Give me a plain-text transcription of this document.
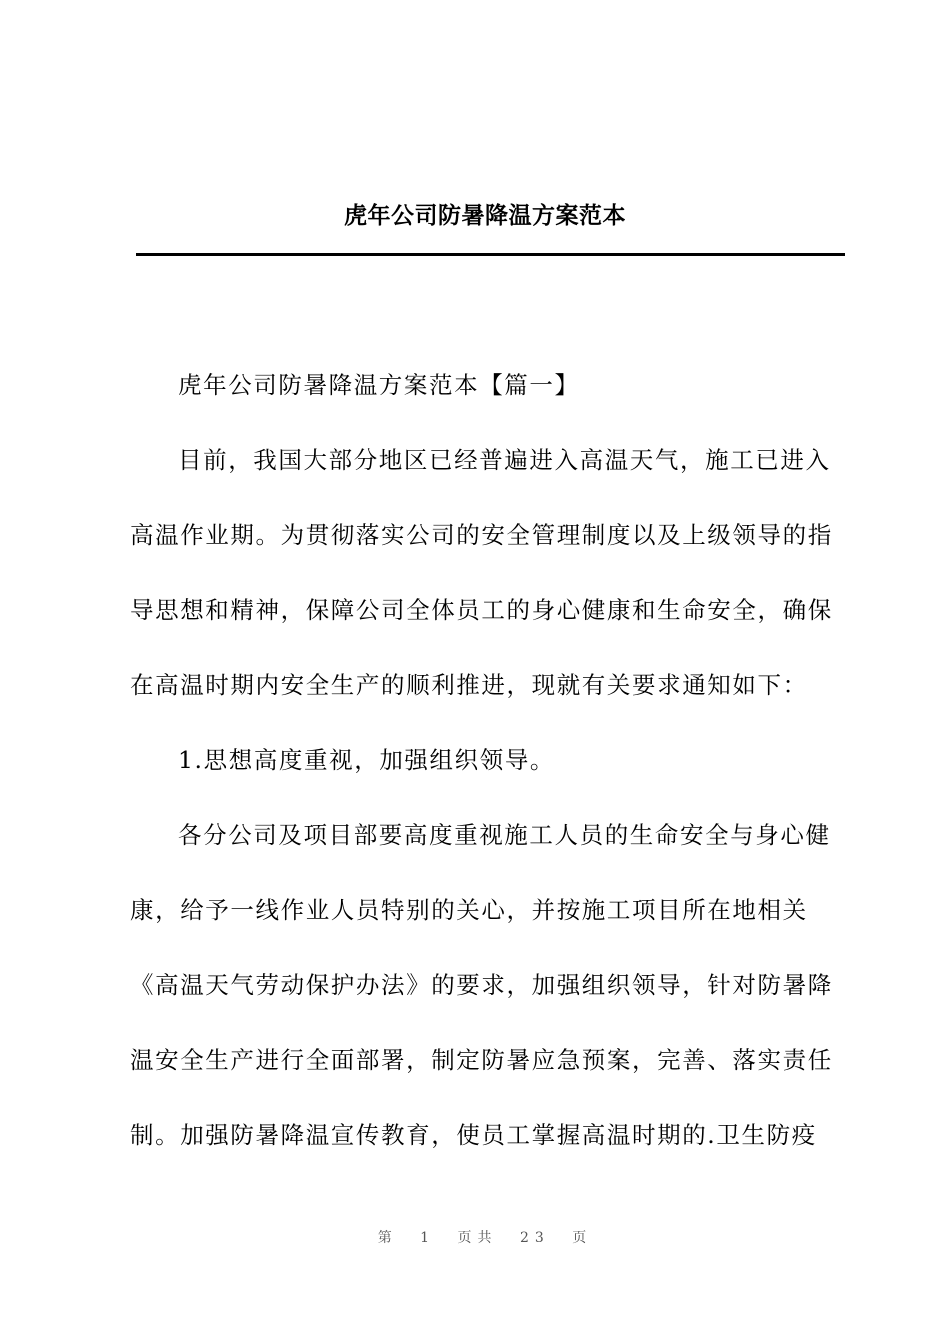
虎年公司防暑降温方案范本

虎年公司防暑降温方案范本【篇一】

目前，我国大部分地区已经普遍进入高温天气，施工已进入
高温作业期。为贯彻落实公司的安全管理制度以及上级领导的指
导思想和精神，保障公司全体员工的身心健康和生命安全，确保
在高温时期内安全生产的顺利推进，现就有关要求通知如下：

1.思想高度重视，加强组织领导。

各分公司及项目部要高度重视施工人员的生命安全与身心健
康，给予一线作业人员特别的关心，并按施工项目所在地相关
《高温天气劳动保护办法》的要求，加强组织领导，针对防暑降
温安全生产进行全面部署，制定防暑应急预案，完善、落实责任
制。加强防暑降温宣传教育，使员工掌握高温时期的.卫生防疫

第 1 页共 23 页
